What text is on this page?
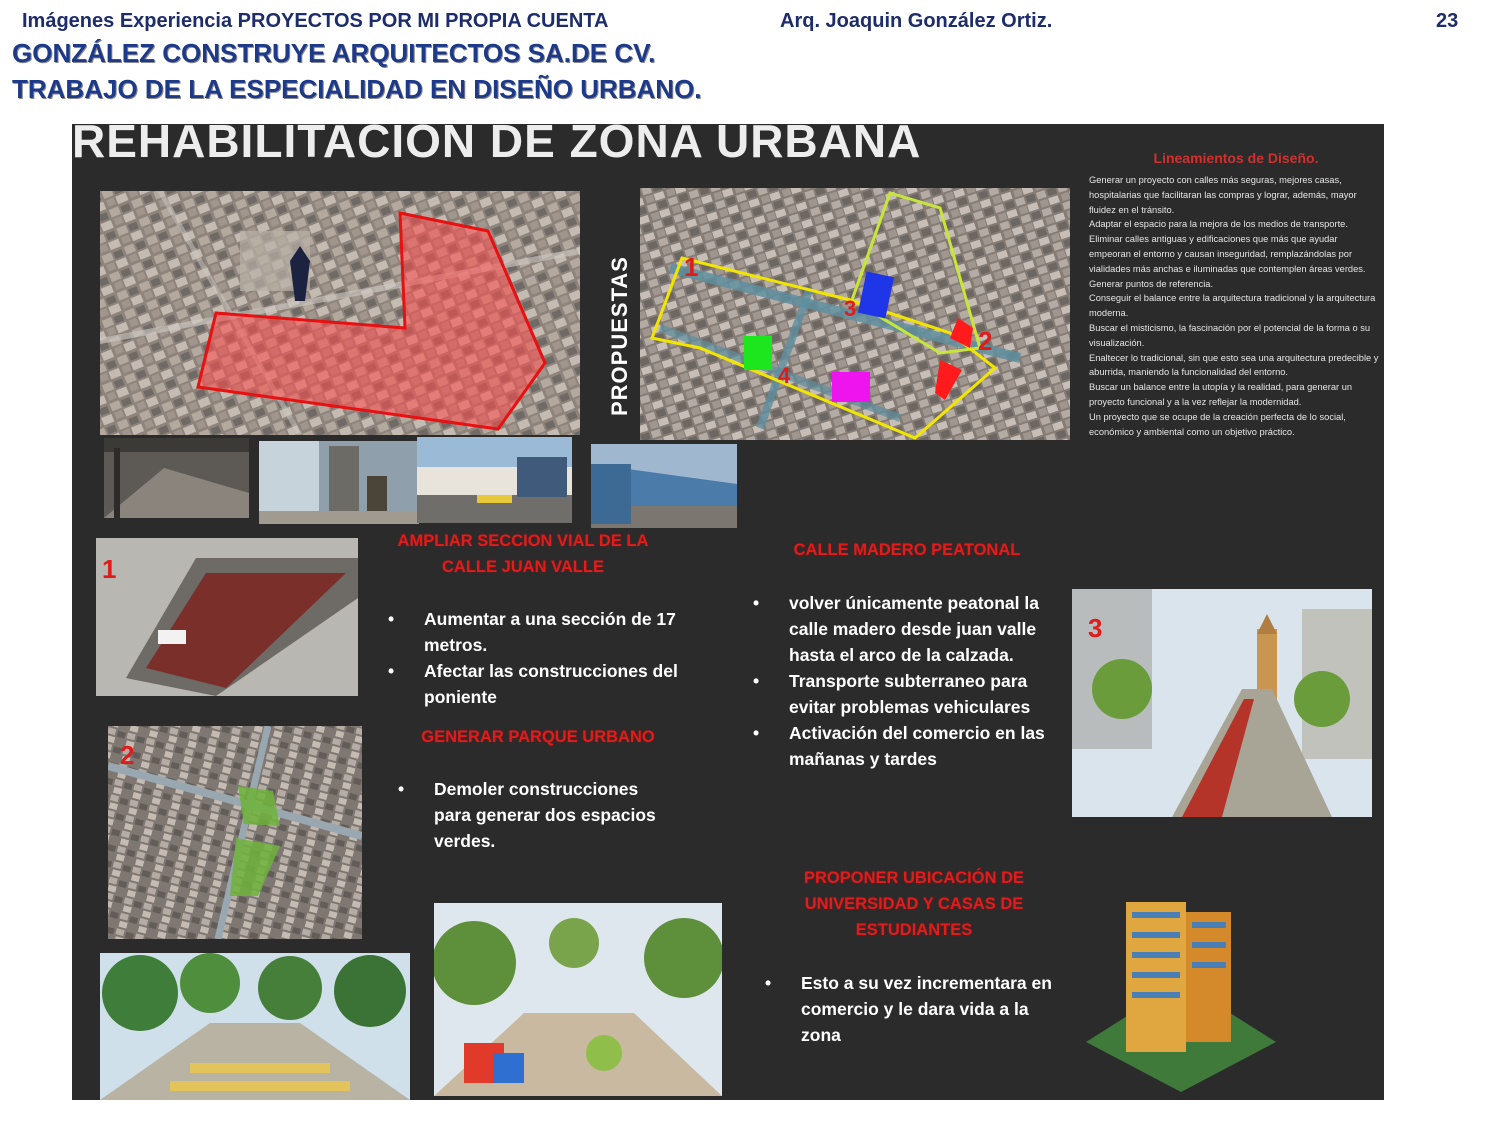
Imágenes Experiencia PROYECTOS POR MI PROPIA CUENTA	Arq. Joaquin González Ortiz.	23
GONZÁLEZ CONSTRUYE ARQUITECTOS SA.DE CV.
TRABAJO DE LA ESPECIALIDAD EN DISEÑO URBANO.
REHABILITACION DE ZONA URBANA
PROPUESTAS 1
2
3
4
Lineamientos de Diseño.
Generar un proyecto con calles más seguras, mejores casas, hospitalarias que facilitaran las compras y lograr, además, mayor fluidez en el tránsito.
Adaptar el espacio para la mejora de los medios de transporte.
Eliminar calles antiguas y edificaciones que más que ayudar empeoran el entorno y causan inseguridad, remplazándolas por vialidades más anchas e iluminadas que contemplen áreas verdes.
Generar puntos de referencia.
Conseguir el balance entre la arquitectura tradicional y la arquitectura moderna.
Buscar el misticismo, la fascinación por el potencial de la forma o su visualización.
Enaltecer lo tradicional, sin que esto sea una arquitectura predecible y aburrida, maniendo la funcionalidad del entorno.
Buscar un balance entre la utopía y la realidad, para generar un proyecto funcional y a la vez reflejar la modernidad.
Un proyecto que se ocupe de la creación perfecta de lo social, económico y ambiental como un objetivo práctico.
1
2
3
AMPLIAR SECCION VIAL DE LA CALLE JUAN VALLE
• Aumentar a una sección de 17 metros.
• Afectar las construcciones del poniente
GENERAR PARQUE URBANO
• Demoler construcciones para generar dos espacios verdes.
CALLE MADERO PEATONAL
• volver únicamente peatonal la calle madero desde juan valle hasta el arco de la calzada.
• Transporte subterraneo para evitar problemas vehiculares
• Activación del comercio en las mañanas y tardes
PROPONER UBICACIÓN DE UNIVERSIDAD Y CASAS DE ESTUDIANTES
• Esto a su vez incrementara en comercio y le dara vida a la zona
